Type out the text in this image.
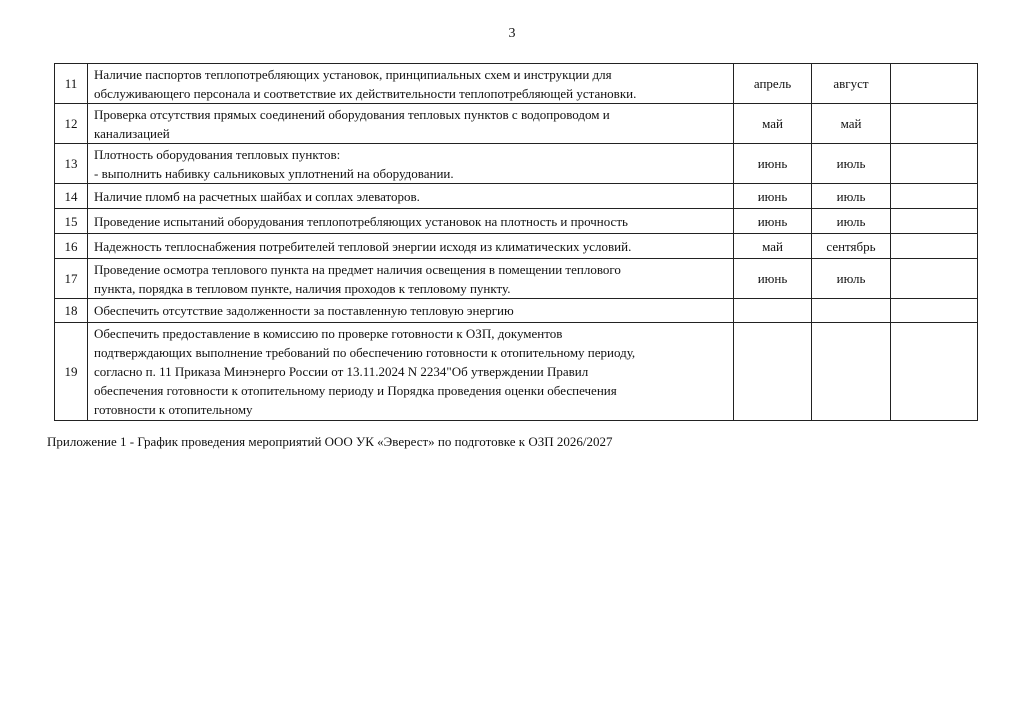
3
11	Наличие паспортов теплопотребляющих установок, принципиальных схем и инструкции для
обслуживающего персонала и соответствие их действительности теплопотребляющей установки.	апрель	август	
12	Проверка отсутствия прямых соединений оборудования тепловых пунктов с водопроводом и
канализацией	май	май	
13	Плотность оборудования тепловых пунктов:
- выполнить набивку сальниковых уплотнений на оборудовании.	июнь	июль	
14	Наличие пломб на расчетных шайбах и соплах элеваторов.	июнь	июль	
15	Проведение испытаний оборудования теплопотребляющих установок на плотность и прочность	июнь	июль	
16	Надежность теплоснабжения потребителей тепловой энергии исходя из климатических условий.	май	сентябрь	
17	Проведение осмотра теплового пункта на предмет наличия освещения в помещении теплового
пункта, порядка в тепловом пункте, наличия проходов к тепловому пункту.	июнь	июль	
18	Обеспечить отсутствие задолженности за поставленную тепловую энергию			
19	Обеспечить предоставление в комиссию по проверке готовности к ОЗП, документов
подтверждающих выполнение требований по обеспечению готовности к отопительному периоду,
согласно п. 11 Приказа Минэнерго России от 13.11.2024 N 2234"Об утверждении Правил
обеспечения готовности к отопительному периоду и Порядка проведения оценки обеспечения
готовности к отопительному			
Приложение 1 - График проведения мероприятий ООО УК «Эверест» по подготовке к ОЗП 2026/2027
